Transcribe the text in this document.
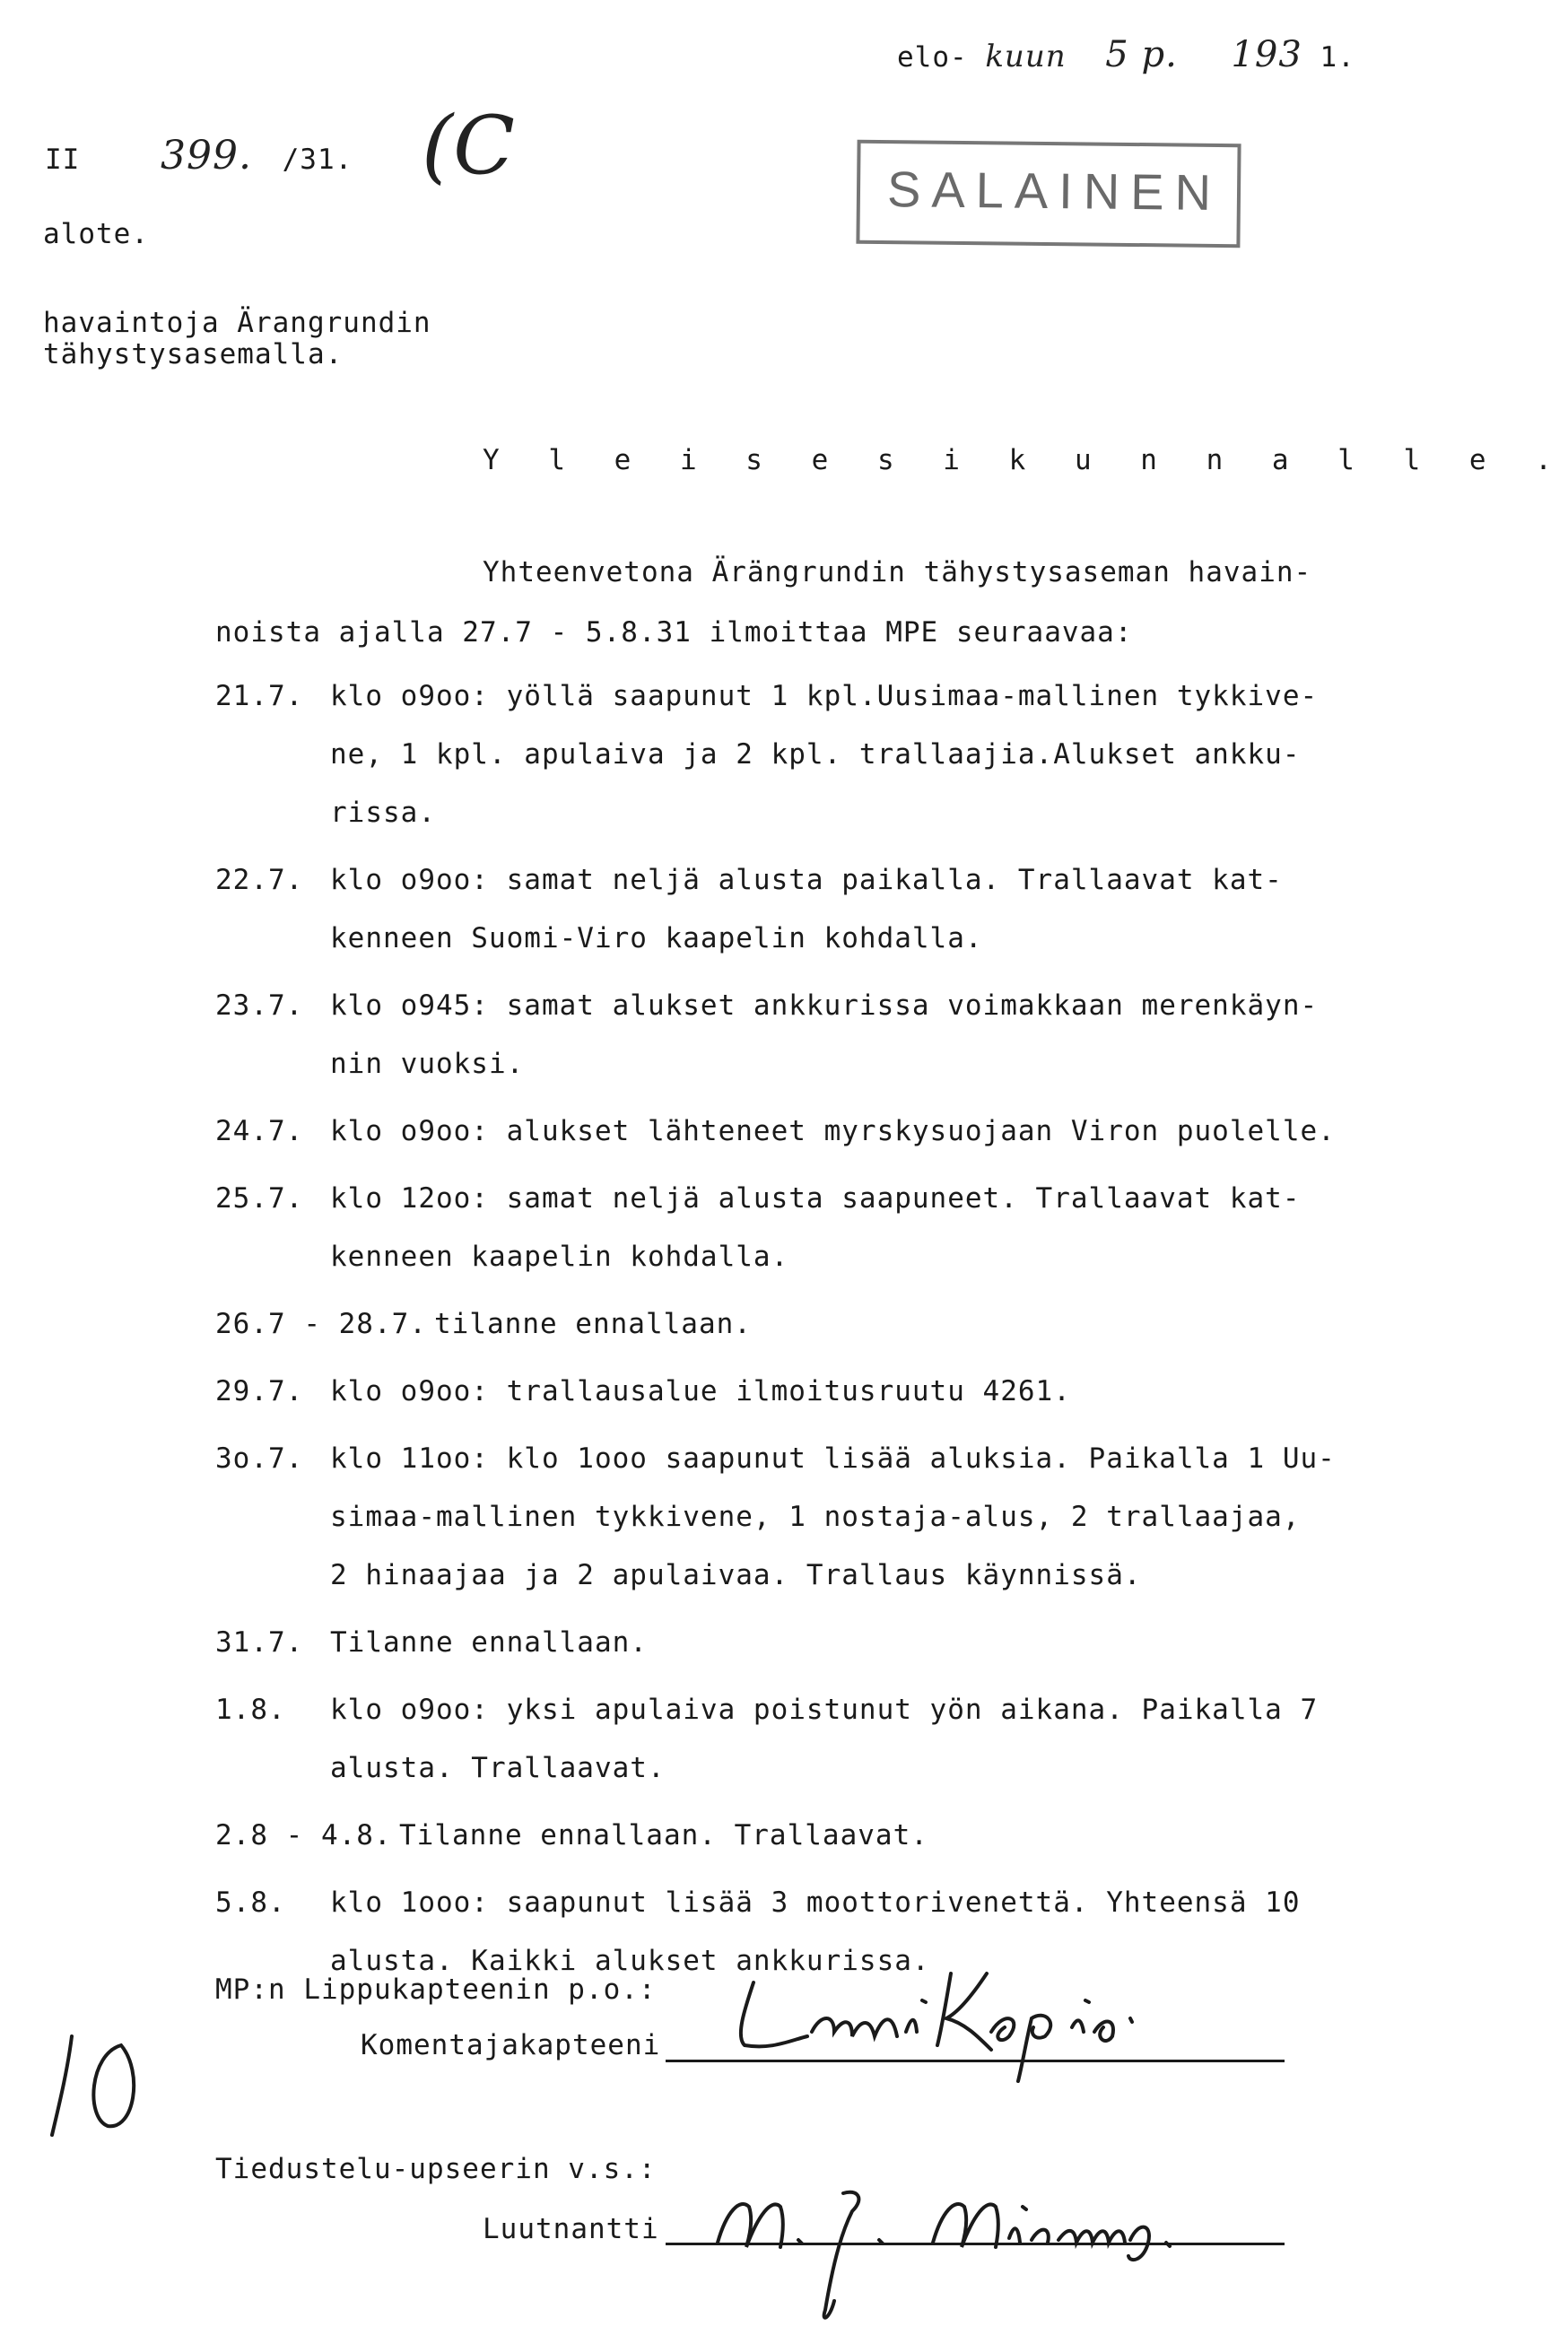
elo- kuun 5 p. 193 1.
II 399. /31. (C
alote.
SALAINEN
havaintoja Ärangrundin
tähystysasemalla.
Y l e i s e s i k u n n a l l e .
Yhteenvetona Ärängrundin tähystysaseman havain-
noista ajalla 27.7 - 5.8.31 ilmoittaa MPE seuraavaa:
21.7. klo o9oo: yöllä saapunut 1 kpl.Uusimaa-mallinen tykkive-
ne, 1 kpl. apulaiva ja 2 kpl. trallaajia.Alukset ankku-
rissa.
22.7. klo o9oo: samat neljä alusta paikalla. Trallaavat kat-
kenneen Suomi-Viro kaapelin kohdalla.
23.7. klo o945: samat alukset ankkurissa voimakkaan merenkäyn-
nin vuoksi.
24.7. klo o9oo: alukset lähteneet myrskysuojaan Viron puolelle.
25.7. klo 12oo: samat neljä alusta saapuneet. Trallaavat kat-
kenneen kaapelin kohdalla.
26.7 - 28.7. tilanne ennallaan.
29.7. klo o9oo: trallausalue ilmoitusruutu 4261.
3o.7. klo 11oo: klo 1ooo saapunut lisää aluksia. Paikalla 1 Uu-
simaa-mallinen tykkivene, 1 nostaja-alus, 2 trallaajaa,
2 hinaajaa ja 2 apulaivaa. Trallaus käynnissä.
31.7. Tilanne ennallaan.
1.8. klo o9oo: yksi apulaiva poistunut yön aikana. Paikalla 7
alusta. Trallaavat.
2.8 - 4.8. Tilanne ennallaan. Trallaavat.
5.8. klo 1ooo: saapunut lisää 3 moottorivenettä. Yhteensä 10
alusta. Kaikki alukset ankkurissa.
MP:n Lippukapteenin p.o.:
Komentajakapteeni
Tiedustelu-upseerin v.s.:
Luutnantti
